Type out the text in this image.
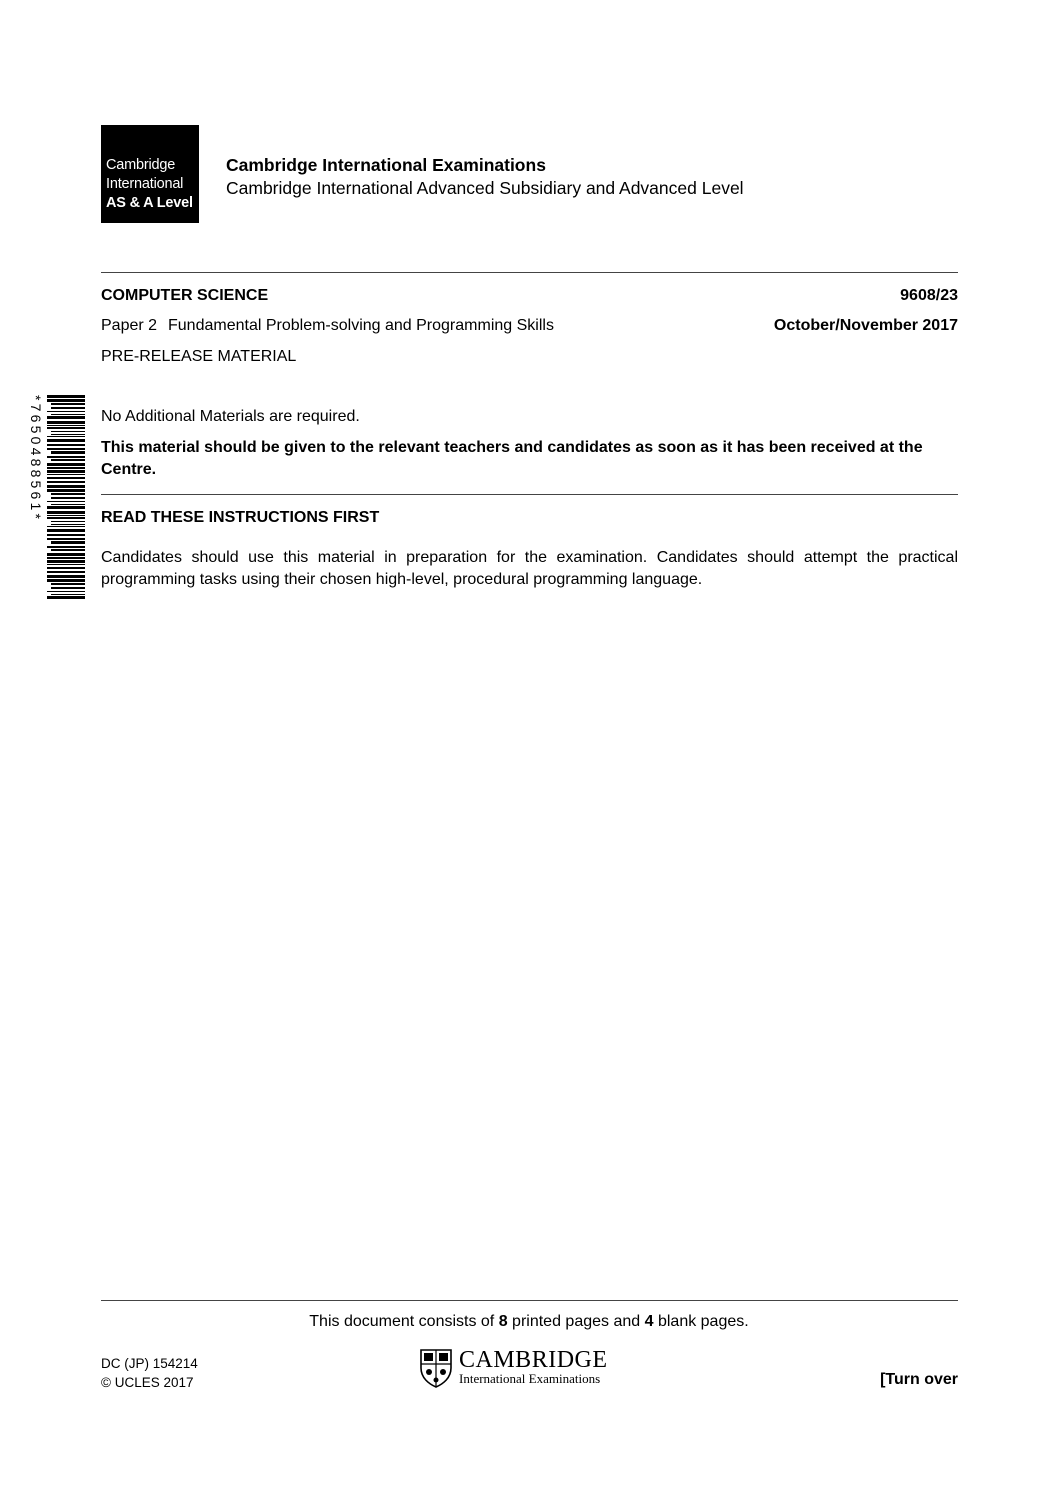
Cambridge
International
AS & A Level
Cambridge International Examinations
Cambridge International Advanced Subsidiary and Advanced Level
COMPUTER SCIENCE	9608/23
Paper 2 Fundamental Problem-solving and Programming Skills	October/November 2017
PRE-RELEASE MATERIAL
*7650488561*	No Additional Materials are required.
This material should be given to the relevant teachers and candidates as soon as it has been received at the Centre.
READ THESE INSTRUCTIONS FIRST
Candidates should use this material in preparation for the examination. Candidates should attempt the practical programming tasks using their chosen high-level, procedural programming language.
This document consists of 8 printed pages and 4 blank pages.
DC (JP) 154214
© UCLES 2017
CAMBRIDGE
International Examinations	[Turn over
